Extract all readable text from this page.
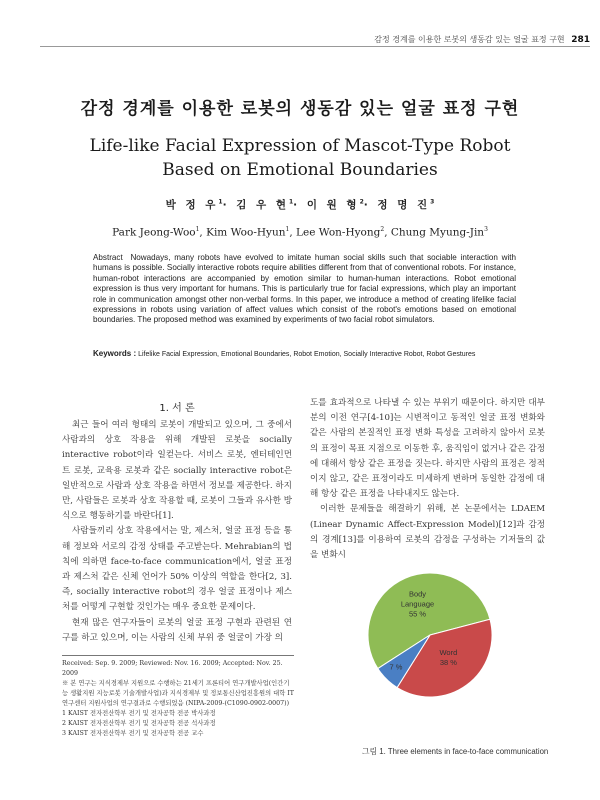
감정 경계를 이용한 로봇의 생동감 있는 얼굴 표정 구현 281
감정 경계를 이용한 로봇의 생동감 있는 얼굴 표정 구현
Life-like Facial Expression of Mascot-Type Robot
Based on Emotional Boundaries
박 정 우$^1$· 김 우 현$^1$· 이 원 형$^2$· 정 명 진$^3$
Park Jeong-Woo$^1$, Kim Woo-Hyun$^1$, Lee Won-Hyong$^2$, Chung Myung-Jin$^3$
Abstract Nowadays, many robots have evolved to imitate human social skills such that sociable interaction with humans is possible. Socially interactive robots require abilities different from that of conventional robots. For instance, human-robot interactions are accompanied by emotion similar to human-human interactions. Robot emotional expression is thus very important for humans. This is particularly true for facial expressions, which play an important role in communication amongst other non-verbal forms. In this paper, we introduce a method of creating lifelike facial expressions in robots using variation of affect values which consist of the robot's emotions based on emotional boundaries. The proposed method was examined by experiments of two facial robot simulators.
Keywords : Lifelike Facial Expression, Emotional Boundaries, Robot Emotion, Socially Interactive Robot, Robot Gestures
1. 서 론

최근 들어 여러 형태의 로봇이 개발되고 있으며, 그 중에서 사람과의 상호 작용을 위해 개발된 로봇을 socially interactive robot이라 일컫는다. 서비스 로봇, 엔터테인먼트 로봇, 교육용 로봇과 같은 socially interactive robot은 일반적으로 사람과 상호 작용을 하면서 정보를 제공한다. 하지만, 사람들은 로봇과 상호 작용할 때, 로봇이 그들과 유사한 방식으로 행동하기를 바란다[1].

사람들끼리 상호 작용에서는 말, 제스처, 얼굴 표정 등을 통해 정보와 서로의 감정 상태를 주고받는다. Mehrabian의 법칙에 의하면 face-to-face communication에서, 얼굴 표정과 제스처 같은 신체 언어가 50% 이상의 역할을 한다[2, 3]. 즉, socially interactive robot의 경우 얼굴 표정이나 제스처를 어떻게 구현할 것인가는 매우 중요한 문제이다.

현재 많은 연구자들이 로봇의 얼굴 표정 구현과 관련된 연구를 하고 있으며, 이는 사람의 신체 부위 중 얼굴이 가장 의

도를 효과적으로 나타낼 수 있는 부위기 때문이다. 하지만 대부분의 이전 연구[4-10]는 시변적이고 동적인 얼굴 표정 변화와 같은 사람의 본질적인 표정 변화 특성을 고려하지 않아서 로봇의 표정이 목표 지점으로 이동한 후, 움직임이 없거나 같은 감정에 대해서 항상 같은 표정을 짓는다. 하지만 사람의 표정은 정적이지 않고, 같은 표정이라도 미세하게 변하며 동일한 감정에 대해 항상 같은 표정을 나타내지도 않는다.

이러한 문제들을 해결하기 위해, 본 논문에서는 LDAEM (Linear Dynamic Affect-Expression Model)[12]과 감정의 경계[13]를 이용하여 로봇의 감정을 구성하는 기저들의 값을 변화시

Received: Sep. 9. 2009; Reviewed: Nov. 16. 2009; Accepted: Nov. 25. 2009
※ 본 연구는 지식경제부 지원으로 수행하는 21세기 프론티어 연구개발사업(인간기능 생활지원 지능로봇 기술개발사업)과 지식경제부 및 정보통신산업진흥원의 대학 IT연구센터 지원사업의 연구결과로 수행되었음 (NIPA-2009-(C1090-0902-0007))
1 KAIST 전자전산학부 전기 및 전자공학 전공 박사과정
2 KAIST 전자전산학부 전기 및 전자공학 전공 석사과정
3 KAIST 전자전산학부 전기 및 전자공학 전공 교수
Body Language 55 %
Word 38 %
7 %
그림 1. Three elements in face-to-face communication
